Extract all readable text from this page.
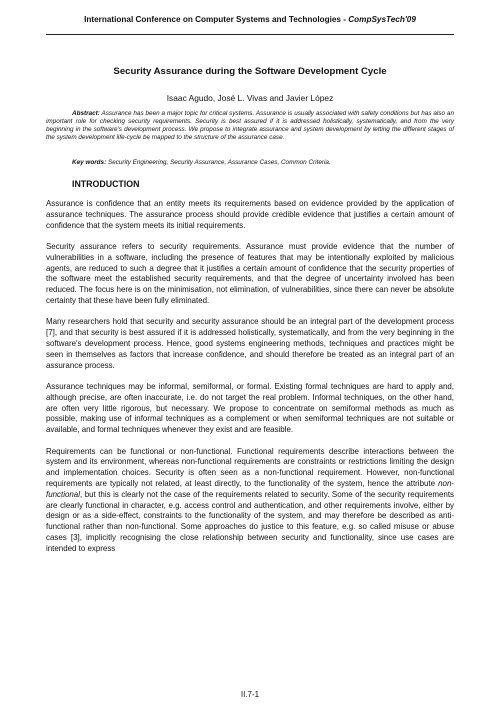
International Conference on Computer Systems and Technologies - CompSysTech'09
Security Assurance during the Software Development Cycle
Isaac Agudo, José L. Vivas and Javier López
Abstract: Assurance has been a major topic for critical systems. Assurance is usually associated with safety conditions but has also an important role for checking security requirements. Security is best assured if it is addressed holistically, systematically, and from the very beginning in the software's development process. We propose to integrate assurance and system development by letting the different stages of the system development life-cycle be mapped to the structure of the assurance case.
Key words: Security Engineering, Security Assurance, Assurance Cases, Common Criteria.
INTRODUCTION

Assurance is confidence that an entity meets its requirements based on evidence provided by the application of assurance techniques. The assurance process should provide credible evidence that justifies a certain amount of confidence that the system meets its initial requirements.

Security assurance refers to security requirements. Assurance must provide evidence that the number of vulnerabilities in a software, including the presence of features that may be intentionally exploited by malicious agents, are reduced to such a degree that it justifies a certain amount of confidence that the security properties of the software meet the established security requirements, and that the degree of uncertainty involved has been reduced. The focus here is on the minimisation, not elimination, of vulnerabilities, since there can never be absolute certainty that these have been fully eliminated.

Many researchers hold that security and security assurance should be an integral part of the development process [7], and that security is best assured if it is addressed holistically, systematically, and from the very beginning in the software's development process. Hence, good systems engineering methods, techniques and practices might be seen in themselves as factors that increase confidence, and should therefore be treated as an integral part of an assurance process.

Assurance techniques may be informal, semiformal, or formal. Existing formal techniques are hard to apply and, although precise, are often inaccurate, i.e. do not target the real problem. Informal techniques, on the other hand, are often very little rigorous, but necessary. We propose to concentrate on semiformal methods as much as possible, making use of informal techniques as a complement or when semiformal techniques are not suitable or available, and formal techniques whenever they exist and are feasible.

Requirements can be functional or non-functional. Functional requirements describe interactions between the system and its environment, whereas non-functional requirements are constraints or restrictions limiting the design and implementation choices. Security is often seen as a non-functional requirement. However, non-functional requirements are typically not related, at least directly, to the functionality of the system, hence the attribute non-functional, but this is clearly not the case of the requirements related to security. Some of the security requirements are clearly functional in character, e.g. access control and authentication, and other requirements involve, either by design or as a side-effect, constraints to the functionality of the system, and may therefore be described as anti-functional rather than non-functional. Some approaches do justice to this feature, e.g. so called misuse or abuse cases [3], implicitly recognising the close relationship between security and functionality, since use cases are intended to express

II.7-1
